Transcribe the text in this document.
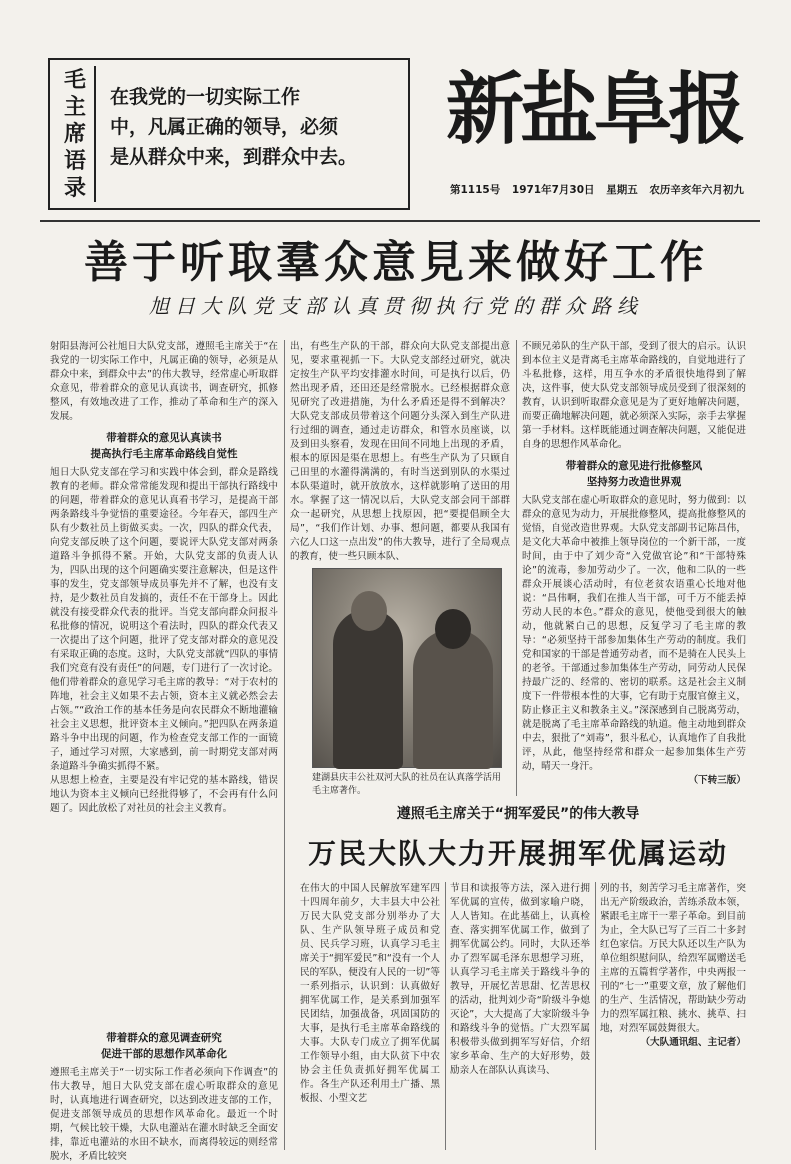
毛
主
席
语
录
在我党的一切实际工作
中，凡属正确的领导，必须
是从群众中来，到群众中去。
新盐阜报
第1115号 1971年7月30日 星期五 农历辛亥年六月初九
善于听取羣众意見来做好工作
旭日大队党支部认真贯彻执行党的群众路线
射阳县海河公社旭日大队党支部，遵照毛主席关于“在我党的一切实际工作中，凡属正确的领导，必须是从群众中来，到群众中去”的伟大教导，经常虚心听取群众意见，带着群众的意见认真读书，调查研究，抓修整风，有效地改进了工作，推动了革命和生产的深入发展。
带着群众的意见认真读书
提高执行毛主席革命路线自觉性
旭日大队党支部在学习和实践中体会到，群众是路线教育的老师。群众常常能发现和提出干部执行路线中的问题，带着群众的意见认真看书学习，是提高干部两条路线斗争觉悟的重要途径。今年春天，部四生产队有少数社员上街做买卖。一次，四队的群众代表，向党支部反映了这个问题，要说评大队党支部对两条道路斗争抓得不紧。开始，大队党支部的负责人认为，四队出现的这个问题确实要注意解决，但是这件事的发生，党支部领导成员事先并不了解，也没有支持，是少数社员自发搞的，责任不在干部身上。因此就没有接受群众代表的批评。当党支部向群众问报斗私批修的情况，说明这个看法时，四队的群众代表又一次提出了这个问题，批评了党支部对群众的意见没有采取正确的态度。这时，大队党支部就“四队的事情我们究竟有没有责任”的问题，专门进行了一次讨论。他们带着群众的意见学习毛主席的教导：“对于农村的阵地，社会主义如果不去占领，资本主义就必然会去占领。”“政治工作的基本任务是向农民群众不断地灌输社会主义思想，批评资本主义倾向。”把四队在两条道路斗争中出现的问题，作为检查党支部工作的一面镜子，通过学习对照，大家感到，前一时期党支部对两条道路斗争确实抓得不紧。
从思想上检查，主要是没有牢记党的基本路线，错误地认为资本主义倾向已经批得够了，不会再有什么问题了。因此放松了对社员的社会主义教育。
带着群众的意见调查研究
促进干部的思想作风革命化
遵照毛主席关于“一切实际工作者必须向下作调查”的伟大教导，旭日大队党支部在虚心听取群众的意见时，认真地进行调查研究，以达到改进支部的工作，促进支部领导成员的思想作风革命化。最近一个时期，气候比较干燥，大队电灌站在灌水时缺乏全面安排，靠近电灌站的水田不缺水，而离得较远的则经常脱水，矛盾比较突
出，有些生产队的干部，群众向大队党支部提出意见，要求重视抓一下。大队党支部经过研究，就决定按生产队平均安排灌水时间，可是执行以后，仍然出现矛盾，还田还是经常脱水。已经根据群众意见研究了改进措施，为什么矛盾还是得不到解决？大队党支部成员带着这个问题分头深入到生产队进行过细的调查，通过走访群众，和管水员座谈，以及到田头察看，发现在田间不同地上出现的矛盾，根本的原因是渠在思想上。有些生产队为了只顾自己田里的水灌得满满的，有时当送到别队的水渠过本队渠道时，就开放放水，这样就影响了送田的用水。掌握了这一情况以后，大队党支部会同干部群众一起研究，从思想上找原因，把“要提倡顾全大局”，“我们作计划、办事、想问题，都要从我国有六亿人口这一点出发”的伟大教导，进行了全局观点的教育，使一些只顾本队、
不顾兄弟队的生产队干部，受到了很大的启示。认识到本位主义是背离毛主席革命路线的，自觉地进行了斗私批修，这样，用互争水的矛盾很快地得到了解决，这件事，使大队党支部领导成员受到了很深刻的教育，认识到听取群众意见是为了更好地解决问题，而要正确地解决问题，就必须深入实际，亲手去掌握第一手材料。这样既能通过调查解决问题，又能促进自身的思想作风革命化。
带着群众的意见进行批修整风
坚持努力改造世界观
大队党支部在虚心听取群众的意见时，努力做到：以群众的意见为动力，开展批修整风，提高批修整风的觉悟，自觉改造世界观。大队党支部副书记陈昌伟，是文化大革命中被推上领导岗位的一个新干部，一度时间，由于中了刘少奇“入党做官论”和“干部特殊论”的流毒，参加劳动少了。一次，他和二队的一些群众开展谈心活动时，有位老贫农语重心长地对他说：“昌伟啊，我们在推人当干部，可千万不能丢掉劳动人民的本色。”群众的意见，使他受到很大的触动，他就紧白己的思想，反复学习了毛主席的教导：“必须坚持干部参加集体生产劳动的制度。我们党和国家的干部是普通劳动者，而不是骑在人民头上的老爷。干部通过参加集体生产劳动，同劳动人民保持最广泛的、经常的、密切的联系。这是社会主义制度下一件带根本性的大事，它有助于克服官僚主义，防止修正主义和教条主义。”深深感到自己脱离劳动，就是脱离了毛主席革命路线的轨道。他主动地到群众中去，狠批了“刘毒”，狠斗私心，认真地作了自我批评，从此，他坚持经常和群众一起参加集体生产劳动，晴天一身汗。
（下转三版）
建湖县庆丰公社双河大队的社员在认真落学活用毛主席著作。
遵照毛主席关于“拥军爱民”的伟大教导
万民大队大力开展拥军优属运动
在伟大的中国人民解放军建军四十四周年前夕，大丰县大中公社万民大队党支部分别举办了大队、生产队领导班子成员和党员、民兵学习班，认真学习毛主席关于“拥军爱民”和“没有一个人民的军队，便没有人民的一切”等一系列指示，认识到：认真做好拥军优属工作，是关系到加强军民团结，加强战备，巩固国防的大事，是执行毛主席革命路线的大事。大队专门成立了拥军优属工作领导小组，由大队贫下中农协会主任负责抓好拥军优属工作。各生产队还利用土广播、黑板报、小型文艺
节目和读报等方法，深入进行拥军优属的宣传，做到家喻户晓，人人皆知。在此基础上，认真检查、落实拥军优属工作，做到了拥军优属公约。同时，大队还举办了烈军属毛泽东思想学习班，认真学习毛主席关于路线斗争的教导，开展忆苦思甜、忆苦思权的活动，批判刘少奇“阶级斗争熄灭论”，大大提高了大家阶级斗争和路线斗争的觉悟。广大烈军属积极带头做到拥军写好信，介绍家乡革命、生产的大好形势，鼓励亲人在部队认真读马、
列的书，刻苦学习毛主席著作，突出无产阶级政治，苦练杀敌本领，紧跟毛主席干一辈子革命。到目前为止，全大队已写了三百二十多封红色家信。万民大队还以生产队为单位组织慰问队，给烈军属赠送毛主席的五篇哲学著作，中央两报一刊的“七一”重要文章，放了解他们的生产、生活情况，帮助缺少劳动力的烈军属扛粮、挑水、挑草、扫地，对烈军属鼓舞很大。
（大队通讯组、主记者）
